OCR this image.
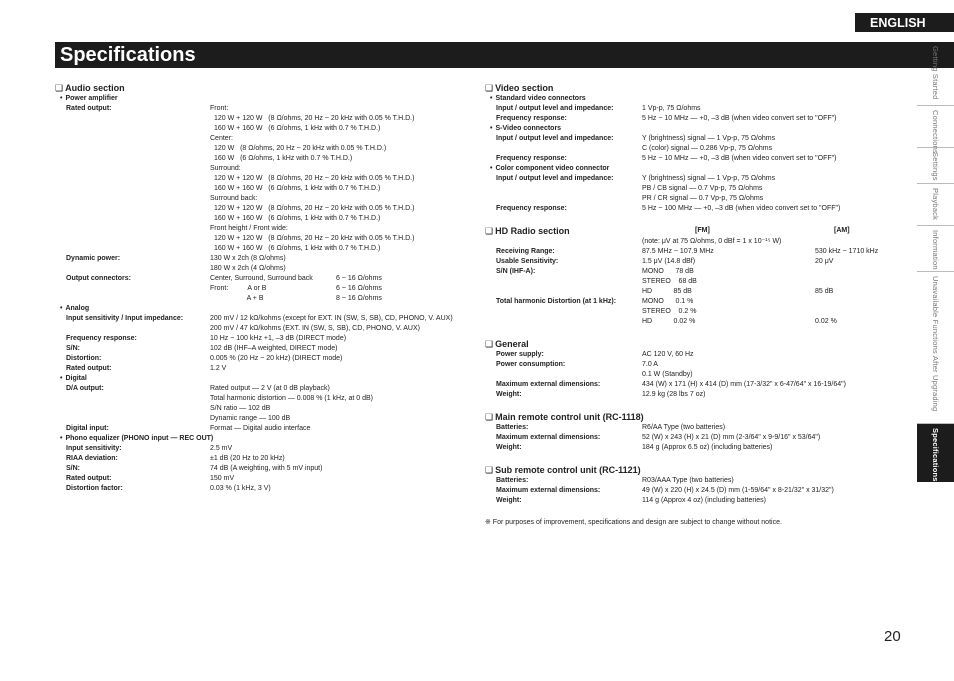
ENGLISH
Specifications	Getting Started
Connections
Settings
Playback
Information
Unavailable Functions After Upgrading
Specifications
❏Audio section
• Power amplifier
Rated output:	Front:
120 W + 120 W   (8 Ω/ohms, 20 Hz ~ 20 kHz with 0.05 % T.H.D.)
160 W + 160 W   (6 Ω/ohms, 1 kHz with 0.7 % T.H.D.)
Center:
120 W   (8 Ω/ohms, 20 Hz ~ 20 kHz with 0.05 % T.H.D.)
160 W   (6 Ω/ohms, 1 kHz with 0.7 % T.H.D.)
Surround:
120 W + 120 W   (8 Ω/ohms, 20 Hz ~ 20 kHz with 0.05 % T.H.D.)
160 W + 160 W   (6 Ω/ohms, 1 kHz with 0.7 % T.H.D.)
Surround back:
120 W + 120 W   (8 Ω/ohms, 20 Hz ~ 20 kHz with 0.05 % T.H.D.)
160 W + 160 W   (6 Ω/ohms, 1 kHz with 0.7 % T.H.D.)
Front height / Front wide:
120 W + 120 W   (8 Ω/ohms, 20 Hz ~ 20 kHz with 0.05 % T.H.D.)
160 W + 160 W   (6 Ω/ohms, 1 kHz with 0.7 % T.H.D.)
Dynamic power:	130 W x 2ch (8 Ω/ohms)
180 W x 2ch (4 Ω/ohms)
Output connectors:	Center, Surround, Surround back	6 ~ 16 Ω/ohms
Front:          A or B	6 ~ 16 Ω/ohms
A + B	8 ~ 16 Ω/ohms
• Analog
Input sensitivity / Input impedance:	200 mV / 12 kΩ/kohms (except for EXT. IN (SW, S, SB), CD, PHONO, V. AUX)
200 mV / 47 kΩ/kohms (EXT. IN (SW, S, SB), CD, PHONO, V. AUX)
Frequency response:	10 Hz ~ 100 kHz +1, –3 dB (DIRECT mode)
S/N:	102 dB (IHF–A weighted, DIRECT mode)
Distortion:	0.005 % (20 Hz ~ 20 kHz) (DIRECT mode)
Rated output:	1.2 V
• Digital
D/A output:	Rated output — 2 V (at 0 dB playback)
Total harmonic distortion — 0.008 % (1 kHz, at 0 dB)
S/N ratio — 102 dB
Dynamic range — 100 dB
Digital input:	Format — Digital audio interface
• Phono equalizer (PHONO input — REC OUT)
Input sensitivity:	2.5 mV
RIAA deviation:	±1 dB (20 Hz to 20 kHz)
S/N:	74 dB (A weighting, with 5 mV input)
Rated output:	150 mV
Distortion factor:	0.03 % (1 kHz, 3 V)
❏Video section
• Standard video connectors
Input / output level and impedance:	1 Vp-p, 75 Ω/ohms
Frequency response:	5 Hz ~ 10 MHz — +0, –3 dB (when video convert set to "OFF")
• S-Video connectors
Input / output level and impedance:	Y (brightness) signal — 1 Vp-p, 75 Ω/ohms
C (color) signal — 0.286 Vp-p, 75 Ω/ohms
Frequency response:	5 Hz ~ 10 MHz — +0, –3 dB (when video convert set to "OFF")
• Color component video connector
Input / output level and impedance:	Y (brightness) signal — 1 Vp-p, 75 Ω/ohms
PB / CB signal — 0.7 Vp-p, 75 Ω/ohms
PR / CR signal — 0.7 Vp-p, 75 Ω/ohms
Frequency response:	5 Hz ~ 100 MHz — +0, –3 dB (when video convert set to "OFF")
❏HD Radio section	[FM]	[AM]
(note: μV at 75 Ω/ohms, 0 dBf = 1 x 10⁻¹⁵ W)
Receiving Range:	87.5 MHz ~ 107.9 MHz	530 kHz ~ 1710 kHz
Usable Sensitivity:	1.5 μV (14.8 dBf)	20 μV
S/N (IHF-A):	MONO      78 dB
STEREO    68 dB
HD           85 dB	85 dB
Total harmonic Distortion (at 1 kHz):	MONO      0.1 %
STEREO    0.2 %
HD           0.02 %	0.02 %
❏General
Power supply:	AC 120 V, 60 Hz
Power consumption:	7.0 A
0.1 W (Standby)
Maximum external dimensions:	434 (W) x 171 (H) x 414 (D) mm (17-3/32" x 6-47/64" x 16-19/64")
Weight:	12.9 kg (28 lbs 7 oz)
❏Main remote control unit (RC-1118)
Batteries:	R6/AA Type (two batteries)
Maximum external dimensions:	52 (W) x 243 (H) x 21 (D) mm (2-3/64" x 9-9/16" x 53/64")
Weight:	184 g (Approx 6.5 oz) (including batteries)
❏Sub remote control unit (RC-1121)
Batteries:	R03/AAA Type (two batteries)
Maximum external dimensions:	49 (W) x 220 (H) x 24.5 (D) mm (1-59/64" x 8-21/32" x 31/32")
Weight:	114 g (Approx 4 oz) (including batteries)
※ For purposes of improvement, specifications and design are subject to change without notice.
20
